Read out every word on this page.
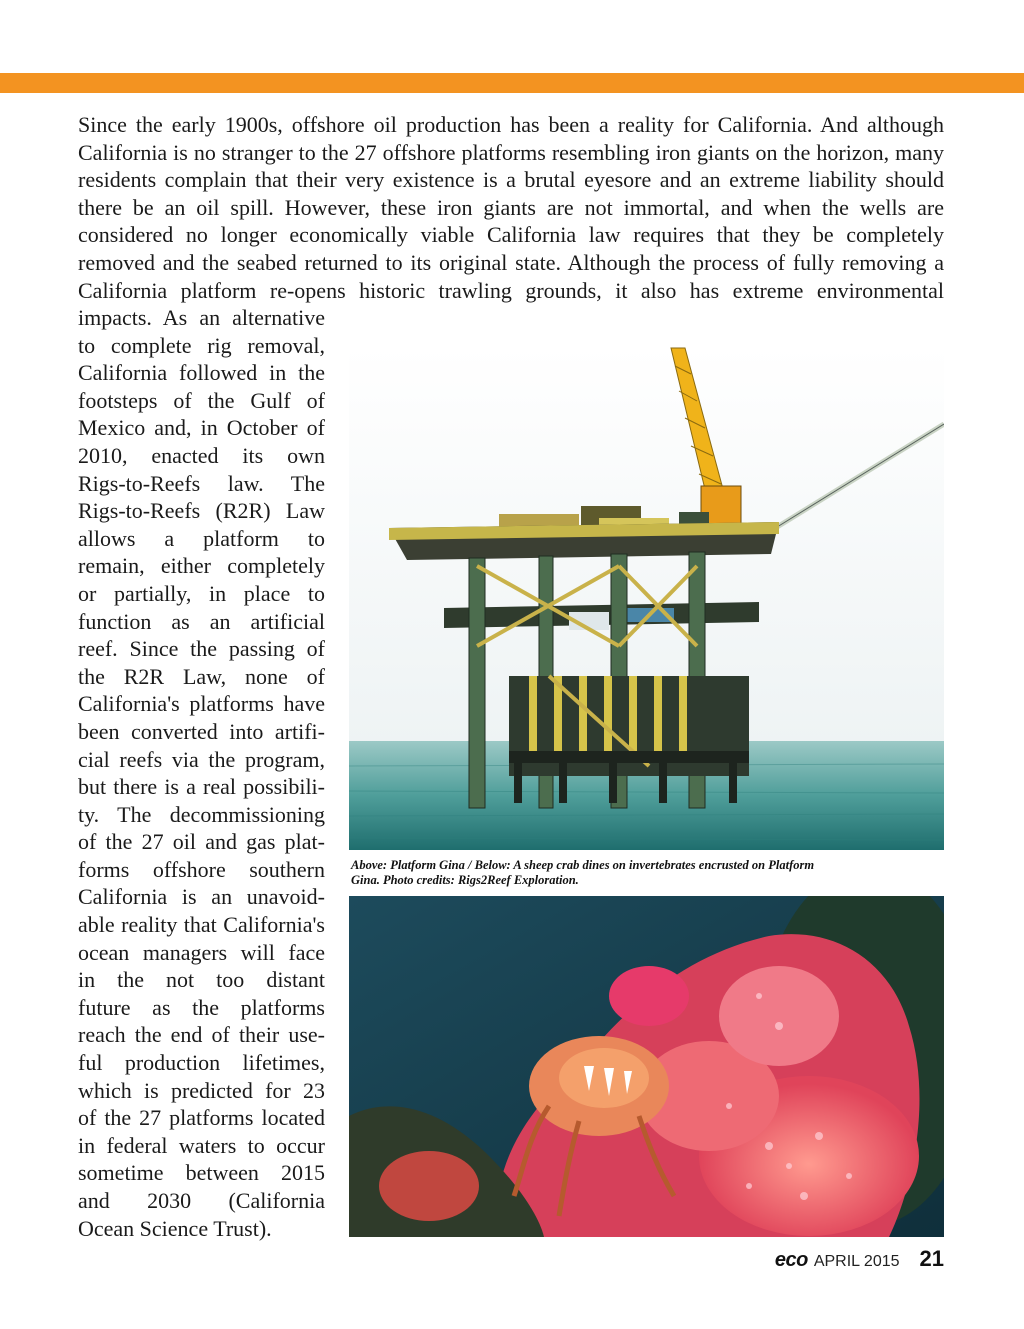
Since the early 1900s, offshore oil production has been a reality for California. And although California is no stranger to the 27 offshore platforms resembling iron giants on the horizon, many residents complain that their very existence is a brutal eyesore and an extreme liability should there be an oil spill. However, these iron giants are not immortal, and when the wells are considered no longer economically viable California law requires that they be completely removed and the seabed returned to its original state. Although the process of fully removing a California platform re-opens historic trawling grounds, it also has extreme environmental
impacts. As an alternative
to complete rig removal,
California followed in the
footsteps of the Gulf of
Mexico and, in October of
2010, enacted its own
Rigs-to-Reefs law. The
Rigs-to-Reefs (R2R) Law
allows a platform to
remain, either completely
or partially, in place to
function as an artificial
reef. Since the passing of
the R2R Law, none of
California's platforms have
been converted into artifi-
cial reefs via the program,
but there is a real possibili-
ty. The decommissioning
of the 27 oil and gas plat-
forms offshore southern
California is an unavoid-
able reality that California's
ocean managers will face
in the not too distant
future as the platforms
reach the end of their use-
ful production lifetimes,
which is predicted for 23
of the 27 platforms located
in federal waters to occur
sometime between 2015
and 2030 (California
Ocean Science Trust).
Above: Platform Gina / Below: A sheep crab dines on invertebrates encrusted on Platform
Gina. Photo credits: Rigs2Reef Exploration.
eco APRIL 2015 21
